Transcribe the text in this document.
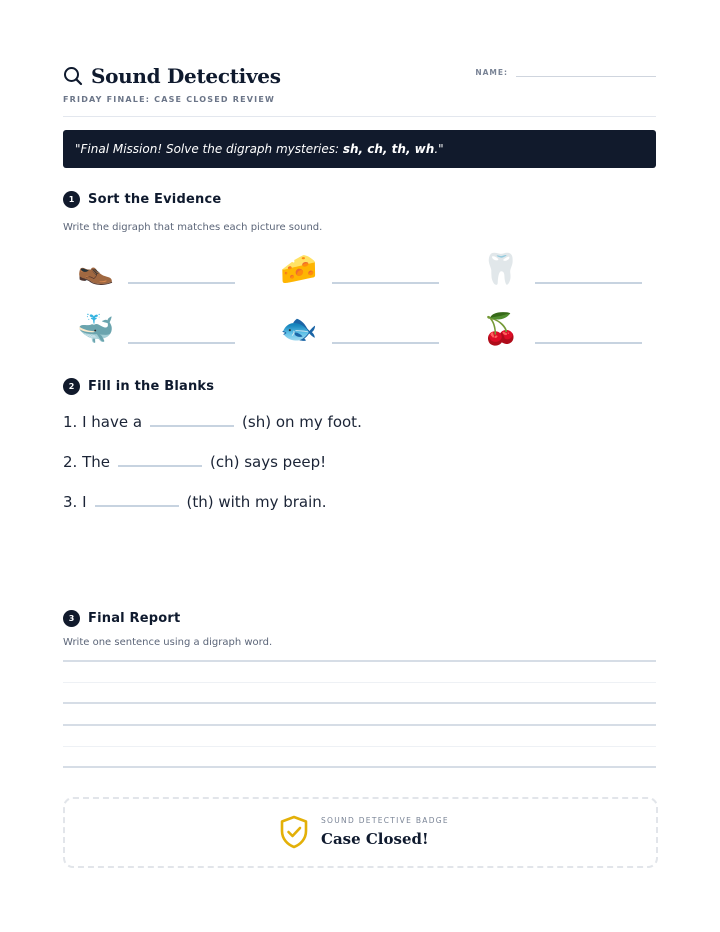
Sound Detectives
FRIDAY FINALE: CASE CLOSED REVIEW
NAME:
"Final Mission! Solve the digraph mysteries: sh, ch, th, wh."
1	Sort the Evidence
Write the digraph that matches each picture sound.
👞	🧀	🦷
🐳	🐟	🍒
2	Fill in the Blanks
1. I have a	(sh) on my foot.
2. The	(ch) says peep!
3. I	(th) with my brain.
3	Final Report
Write one sentence using a digraph word.
SOUND DETECTIVE BADGE
Case Closed!
